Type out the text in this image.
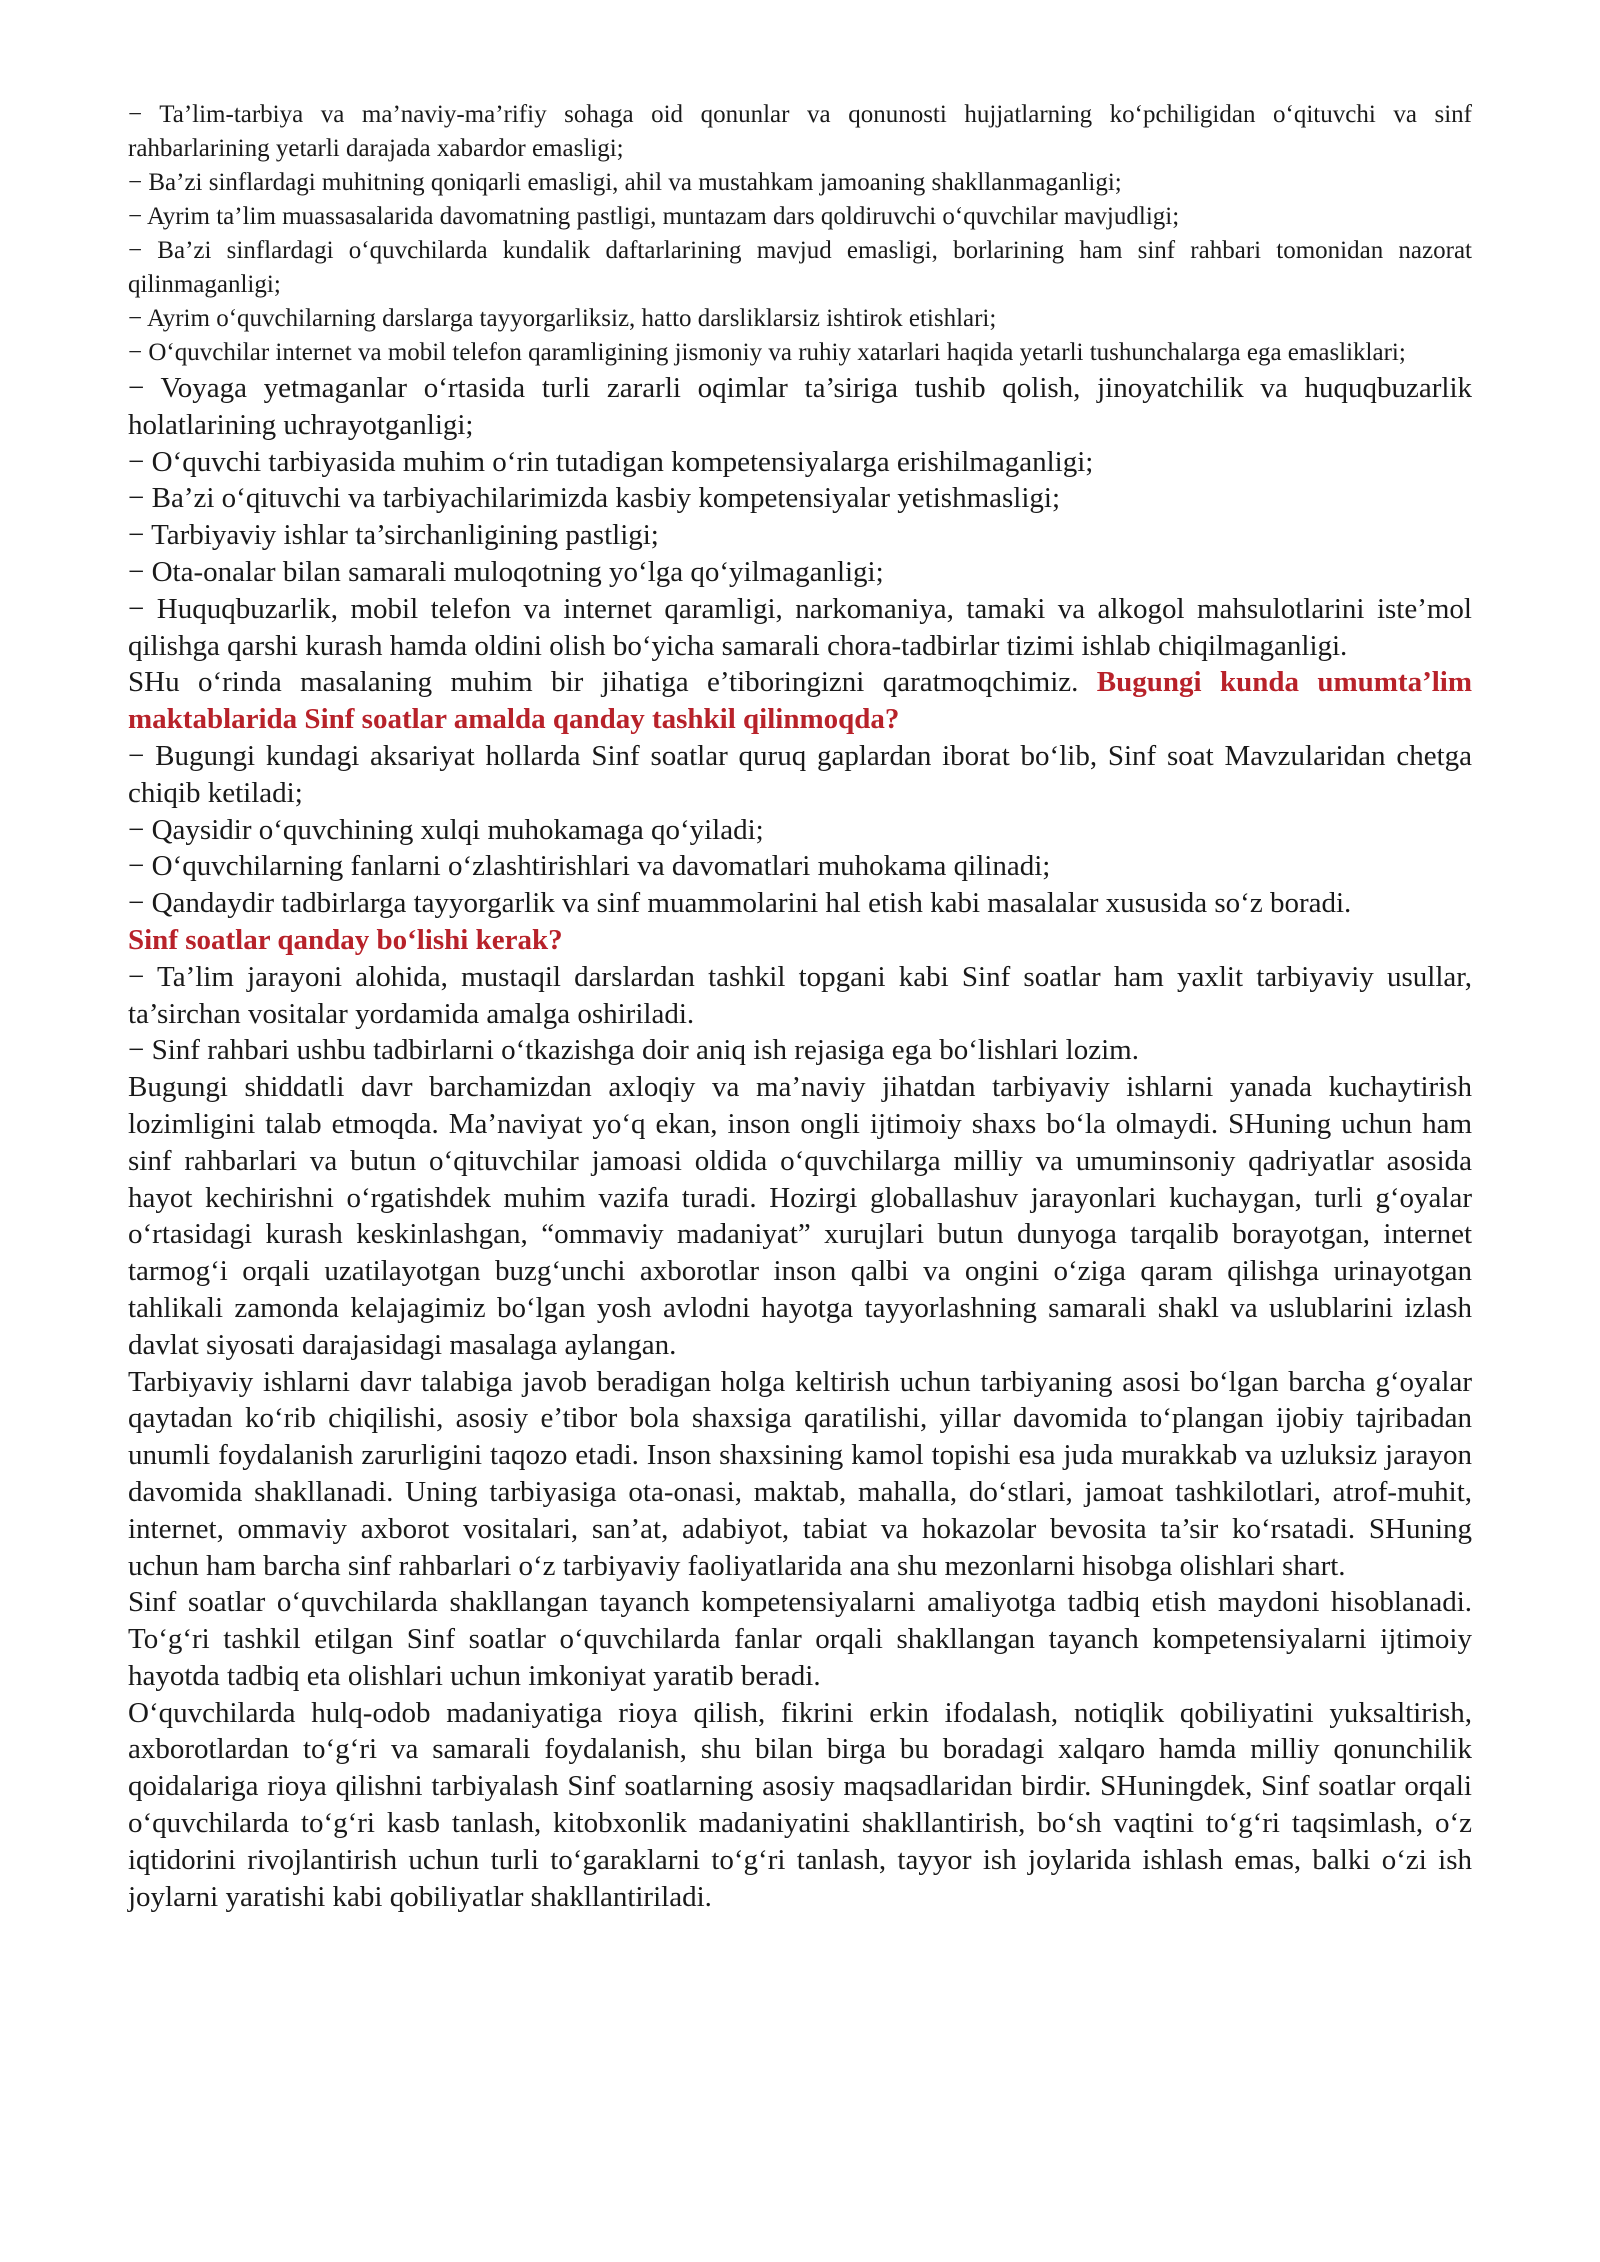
− Ta’lim-tarbiya va ma’naviy-ma’rifiy sohaga oid qonunlar va qonunosti hujjatlarning ko‘pchiligidan o‘qituvchi va sinf rahbarlarining yetarli darajada xabardor emasligi;

− Ba’zi sinflardagi muhitning qoniqarli emasligi, ahil va mustahkam jamoaning shakllanmaganligi;

− Ayrim ta’lim muassasalarida davomatning pastligi, muntazam dars qoldiruvchi o‘quvchilar mavjudligi;

− Ba’zi sinflardagi o‘quvchilarda kundalik daftarlarining mavjud emasligi, borlarining ham sinf rahbari tomonidan nazorat qilinmaganligi;

− Ayrim o‘quvchilarning darslarga tayyorgarliksiz, hatto darsliklarsiz ishtirok etishlari;

− O‘quvchilar internet va mobil telefon qaramligining jismoniy va ruhiy xatarlari haqida yetarli tushunchalarga ega emasliklari;

− Voyaga yetmaganlar o‘rtasida turli zararli oqimlar ta’siriga tushib qolish, jinoyatchilik va huquqbuzarlik holatlarining uchrayotganligi;

− O‘quvchi tarbiyasida muhim o‘rin tutadigan kompetensiyalarga erishilmaganligi;

− Ba’zi o‘qituvchi va tarbiyachilarimizda kasbiy kompetensiyalar yetishmasligi;

− Tarbiyaviy ishlar ta’sirchanligining pastligi;

− Ota-onalar bilan samarali muloqotning yo‘lga qo‘yilmaganligi;

− Huquqbuzarlik, mobil telefon va internet qaramligi, narkomaniya, tamaki va alkogol mahsulotlarini iste’mol qilishga qarshi kurash hamda oldini olish bo‘yicha samarali chora-tadbirlar tizimi ishlab chiqilmaganligi.

SHu o‘rinda masalaning muhim bir jihatiga e’tiboringizni qaratmoqchimiz. Bugungi kunda umumta’lim maktablarida Sinf soatlar amalda qanday tashkil qilinmoqda?

− Bugungi kundagi aksariyat hollarda Sinf soatlar quruq gaplardan iborat bo‘lib, Sinf soat Mavzularidan chetga chiqib ketiladi;

− Qaysidir o‘quvchining xulqi muhokamaga qo‘yiladi;

− O‘quvchilarning fanlarni o‘zlashtirishlari va davomatlari muhokama qilinadi;

− Qandaydir tadbirlarga tayyorgarlik va sinf muammolarini hal etish kabi masalalar xususida so‘z boradi.

Sinf soatlar qanday bo‘lishi kerak?

− Ta’lim jarayoni alohida, mustaqil darslardan tashkil topgani kabi Sinf soatlar ham yaxlit tarbiyaviy usullar, ta’sirchan vositalar yordamida amalga oshiriladi.

− Sinf rahbari ushbu tadbirlarni o‘tkazishga doir aniq ish rejasiga ega bo‘lishlari lozim.

Bugungi shiddatli davr barchamizdan axloqiy va ma’naviy jihatdan tarbiyaviy ishlarni yanada kuchaytirish lozimligini talab etmoqda. Ma’naviyat yo‘q ekan, inson ongli ijtimoiy shaxs bo‘la olmaydi. SHuning uchun ham sinf rahbarlari va butun o‘qituvchilar jamoasi oldida o‘quvchilarga milliy va umuminsoniy qadriyatlar asosida hayot kechirishni o‘rgatishdek muhim vazifa turadi. Hozirgi globallashuv jarayonlari kuchaygan, turli g‘oyalar o‘rtasidagi kurash keskinlashgan, “ommaviy madaniyat” xurujlari butun dunyoga tarqalib borayotgan, internet tarmog‘i orqali uzatilayotgan buzg‘unchi axborotlar inson qalbi va ongini o‘ziga qaram qilishga urinayotgan tahlikali zamonda kelajagimiz bo‘lgan yosh avlodni hayotga tayyorlashning samarali shakl va uslublarini izlash davlat siyosati darajasidagi masalaga aylangan.

Tarbiyaviy ishlarni davr talabiga javob beradigan holga keltirish uchun tarbiyaning asosi bo‘lgan barcha g‘oyalar qaytadan ko‘rib chiqilishi, asosiy e’tibor bola shaxsiga qaratilishi, yillar davomida to‘plangan ijobiy tajribadan unumli foydalanish zarurligini taqozo etadi. Inson shaxsining kamol topishi esa juda murakkab va uzluksiz jarayon davomida shakllanadi. Uning tarbiyasiga ota-onasi, maktab, mahalla, do‘stlari, jamoat tashkilotlari, atrof-muhit, internet, ommaviy axborot vositalari, san’at, adabiyot, tabiat va hokazolar bevosita ta’sir ko‘rsatadi. SHuning uchun ham barcha sinf rahbarlari o‘z tarbiyaviy faoliyatlarida ana shu mezonlarni hisobga olishlari shart.

Sinf soatlar o‘quvchilarda shakllangan tayanch kompetensiyalarni amaliyotga tadbiq etish maydoni hisoblanadi. To‘g‘ri tashkil etilgan Sinf soatlar o‘quvchilarda fanlar orqali shakllangan tayanch kompetensiyalarni ijtimoiy hayotda tadbiq eta olishlari uchun imkoniyat yaratib beradi.

O‘quvchilarda hulq-odob madaniyatiga rioya qilish, fikrini erkin ifodalash, notiqlik qobiliyatini yuksaltirish, axborotlardan to‘g‘ri va samarali foydalanish, shu bilan birga bu boradagi xalqaro hamda milliy qonunchilik qoidalariga rioya qilishni tarbiyalash Sinf soatlarning asosiy maqsadlaridan birdir. SHuningdek, Sinf soatlar orqali o‘quvchilarda to‘g‘ri kasb tanlash, kitobxonlik madaniyatini shakllantirish, bo‘sh vaqtini to‘g‘ri taqsimlash, o‘z iqtidorini rivojlantirish uchun turli to‘garaklarni to‘g‘ri tanlash, tayyor ish joylarida ishlash emas, balki o‘zi ish joylarni yaratishi kabi qobiliyatlar shakllantiriladi.
